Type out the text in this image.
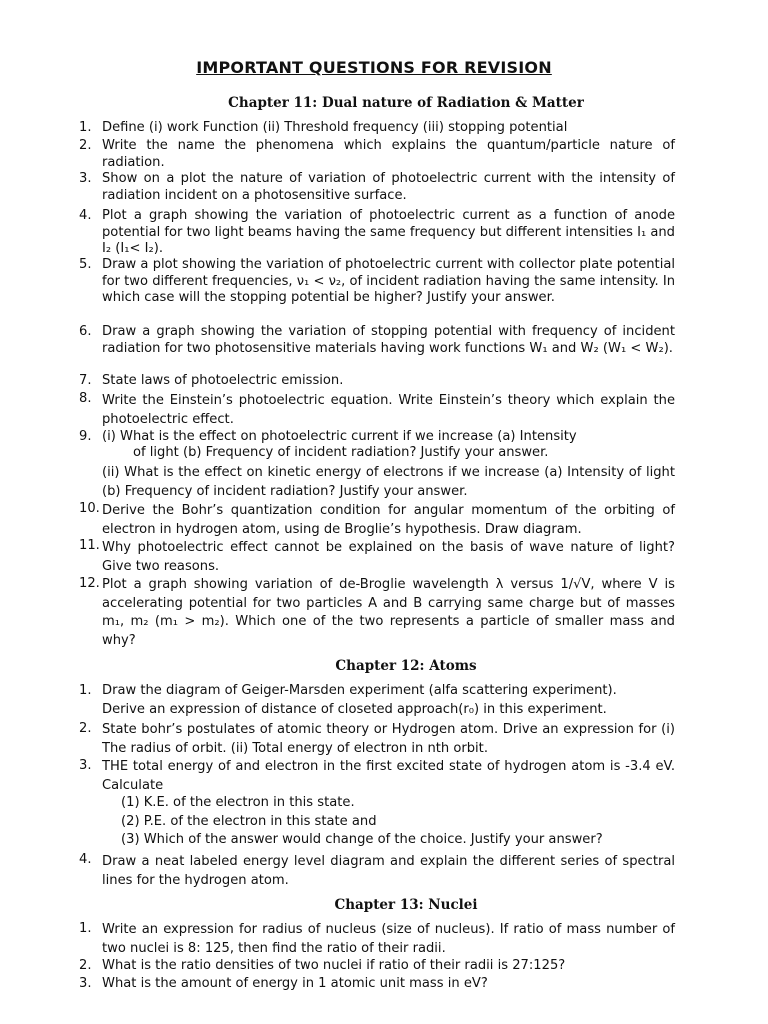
IMPORTANT QUESTIONS FOR REVISION
Chapter 11: Dual nature of Radiation & Matter
1. Define (i) work Function (ii) Threshold frequency (iii) stopping potential
2. Write the name the phenomena which explains the quantum/particle nature of radiation.
3. Show on a plot the nature of variation of photoelectric current with the intensity of radiation incident on a photosensitive surface.
4. Plot a graph showing the variation of photoelectric current as a function of anode potential for two light beams having the same frequency but different intensities I₁ and I₂ (I₁< I₂).
5. Draw a plot showing the variation of photoelectric current with collector plate potential for two different frequencies, ν₁ < ν₂, of incident radiation having the same intensity. In which case will the stopping potential be higher? Justify your answer.
6. Draw a graph showing the variation of stopping potential with frequency of incident radiation for two photosensitive materials having work functions W₁ and W₂ (W₁ < W₂).
7. State laws of photoelectric emission.
8. Write the Einstein’s photoelectric equation. Write Einstein’s theory which explain the photoelectric effect.
9. (i) What is the effect on photoelectric current if we increase (a) Intensity
of light (b) Frequency of incident radiation? Justify your answer.
(ii) What is the effect on kinetic energy of electrons if we increase (a) Intensity of light (b) Frequency of incident radiation? Justify your answer.
10. Derive the Bohr’s quantization condition for angular momentum of the orbiting of electron in hydrogen atom, using de Broglie’s hypothesis. Draw diagram.
11. Why photoelectric effect cannot be explained on the basis of wave nature of light? Give two reasons.
12. Plot a graph showing variation of de-Broglie wavelength λ versus 1/√V, where V is accelerating potential for two particles A and B carrying same charge but of masses m₁, m₂ (m₁ > m₂). Which one of the two represents a particle of smaller mass and why?
Chapter 12: Atoms
1. Draw the diagram of Geiger-Marsden experiment (alfa scattering experiment).
Derive an expression of distance of closeted approach(r₀) in this experiment.
2. State bohr’s postulates of atomic theory or Hydrogen atom. Drive an expression for (i) The radius of orbit. (ii) Total energy of electron in nth orbit.
3. THE total energy of and electron in the first excited state of hydrogen atom is -3.4 eV. Calculate
(1) K.E. of the electron in this state.
(2) P.E. of the electron in this state and
(3) Which of the answer would change of the choice. Justify your answer?
4. Draw a neat labeled energy level diagram and explain the different series of spectral lines for the hydrogen atom.
Chapter 13: Nuclei
1. Write an expression for radius of nucleus (size of nucleus). If ratio of mass number of two nuclei is 8: 125, then find the ratio of their radii.
2. What is the ratio densities of two nuclei if ratio of their radii is 27:125?
3. What is the amount of energy in 1 atomic unit mass in eV?
